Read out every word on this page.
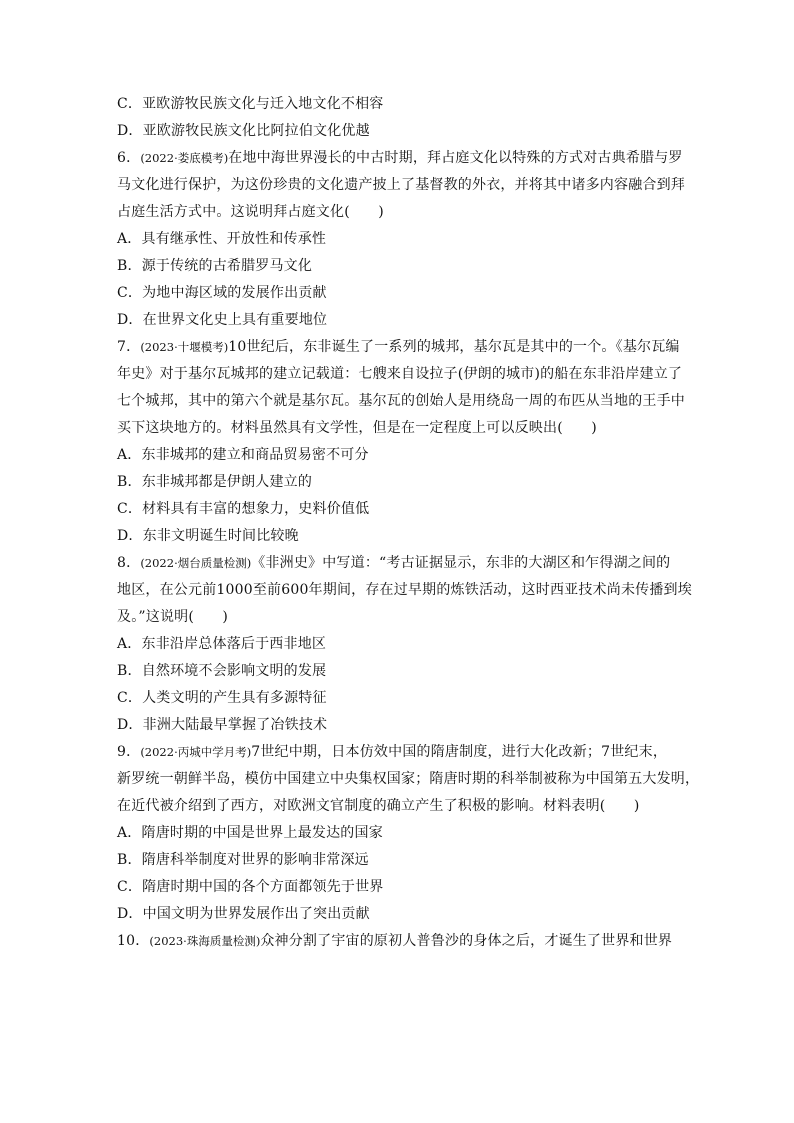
C．亚欧游牧民族文化与迁入地文化不相容
D．亚欧游牧民族文化比阿拉伯文化优越
6．(2022·娄底模考)在地中海世界漫长的中古时期，拜占庭文化以特殊的方式对古典希腊与罗
马文化进行保护，为这份珍贵的文化遗产披上了基督教的外衣，并将其中诸多内容融合到拜
占庭生活方式中。这说明拜占庭文化(　　)
A．具有继承性、开放性和传承性
B．源于传统的古希腊罗马文化
C．为地中海区域的发展作出贡献
D．在世界文化史上具有重要地位
7．(2023·十堰模考)10世纪后，东非诞生了一系列的城邦，基尔瓦是其中的一个。《基尔瓦编
年史》对于基尔瓦城邦的建立记载道：七艘来自设拉子(伊朗的城市)的船在东非沿岸建立了
七个城邦，其中的第六个就是基尔瓦。基尔瓦的创始人是用绕岛一周的布匹从当地的王手中
买下这块地方的。材料虽然具有文学性，但是在一定程度上可以反映出(　　)
A．东非城邦的建立和商品贸易密不可分
B．东非城邦都是伊朗人建立的
C．材料具有丰富的想象力，史料价值低
D．东非文明诞生时间比较晚
8．(2022·烟台质量检测)《非洲史》中写道：“考古证据显示，东非的大湖区和乍得湖之间的
地区，在公元前1000至前600年期间，存在过早期的炼铁活动，这时西亚技术尚未传播到埃
及。”这说明(　　)
A．东非沿岸总体落后于西非地区
B．自然环境不会影响文明的发展
C．人类文明的产生具有多源特征
D．非洲大陆最早掌握了冶铁技术
9．(2022·丙城中学月考)7世纪中期，日本仿效中国的隋唐制度，进行大化改新；7世纪末，
新罗统一朝鲜半岛，模仿中国建立中央集权国家；隋唐时期的科举制被称为中国第五大发明，
在近代被介绍到了西方，对欧洲文官制度的确立产生了积极的影响。材料表明(　　)
A．隋唐时期的中国是世界上最发达的国家
B．隋唐科举制度对世界的影响非常深远
C．隋唐时期中国的各个方面都领先于世界
D．中国文明为世界发展作出了突出贡献
10．(2023·珠海质量检测)众神分割了宇宙的原初人普鲁沙的身体之后，才诞生了世界和世界
